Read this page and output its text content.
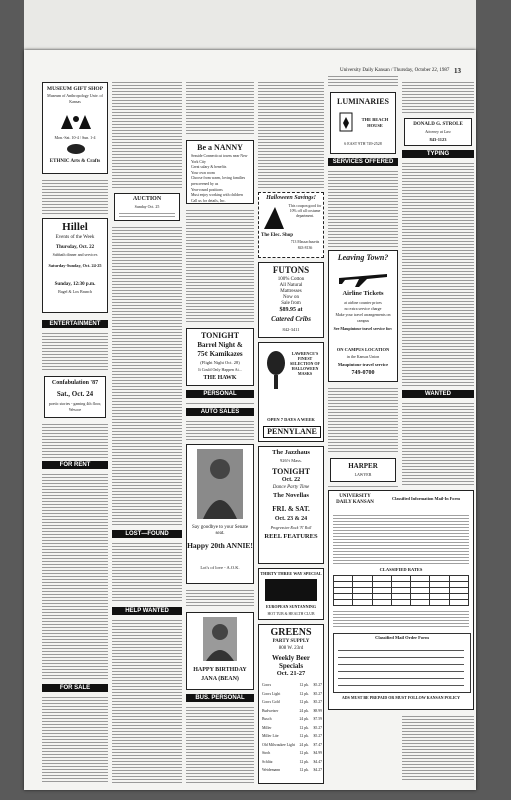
University Daily Kansan / Thursday, October 22, 1987 13
MUSEUM GIFT SHOP
Museum of Anthropology Univ. of Kansas
Mon.-Sat. 10-4 / Sun. 1-4
ETHNIC Arts & Crafts
Hillel
Events of the Week
Thursday, Oct. 22
Sabbath dinner and services
Saturday-Sunday, Oct. 24-25
Sunday, 12:30 p.m.
Bagel & Lox Brunch
ENTERTAINMENT
Confabulation '87
Sat., Oct. 24
poetic stories - gaming 4th floor, Wescoe
FOR RENT
FOR SALE
AUCTION
Sunday Oct. 25
LOST—FOUND
HELP WANTED
Be a NANNY
Seaside Connecticut towns near New York City
Great salary & benefits
Your own room
Choose from warm, loving families prescreened by us
Year-round positions
Must enjoy working with children
Call us for details, Inc.
TONIGHT
Barrel Night &
75¢ Kamikazes
(Flight Night Oct. 28)
It Could Only Happen At...
THE HAWK
PERSONAL
AUTO SALES
Say goodbye to your Senate seat.
Happy 20th ANNIE!
Lot's of love - A.O.K.
HAPPY BIRTHDAY
JANA (BEAN)
BUS. PERSONAL
Halloween Savings!
This coupon good for 10% off all costume department.
The Elec. Shop
713 Massachusetts 843-8136
FUTONS
100% Cotton
All Natural
Mattresses
Now on
Sale from
$89.95 at
Catered Cribs
842-3411
LAWRENCE'S FINEST SELECTION OF HALLOWEEN MASKS
OPEN 7 DAYS A WEEK
PENNYLANE
The Jazzhaus
926½ Mass.
TONIGHT
Oct. 22
Dance Party Time
The Novellas
FRI. & SAT.
Oct. 23 & 24
Progressive Rock 'N' Roll
REEL FEATURES
THIRTY THREE WAY SPECIAL
EUROPEAN SUNTANNING
HOT TUB & HEALTH CLUB
GREENS
PARTY SUPPLY
808 W. 23rd
Weekly Beer
Specials
Oct. 21-27
Coors	12 pk.	$5.27
Coors Light	12 pk.	$5.27
Coors Gold	12 pk.	$5.27
Budweiser	24 pk.	$8.99
Busch	24 pk.	$7.59
Miller	12 pk.	$5.27
Miller Lite	12 pk.	$5.27
Old Milwaukee Light	24 pk.	$7.47
Stroh	12 pk.	$4.99
Schlitz	12 pk.	$4.47
Weidemann	12 pk.	$4.27
LUMINARIES
THE BEACH HOUSE
6 EAST 9TH 749-2528
SERVICES OFFERED
Leaving Town?
Airline Tickets
at airline counter prices
no extra service charge
Make your travel arrangements on campus
See Maupintour travel service for:
ON CAMPUS LOCATION
in the Kansas Union
Maupintour travel service
749-0700
HARPER
LAWYER
UNIVERSITY DAILY KANSAN
Classified Information Mail-In Form
CLASSIFIED RATES

Classified Mail Order Form
ADS MUST BE PREPAID OR MUST FOLLOW KANSAN POLICY
DONALD G. STROLE
Attorney at Law
843-1123
TYPING
WANTED
